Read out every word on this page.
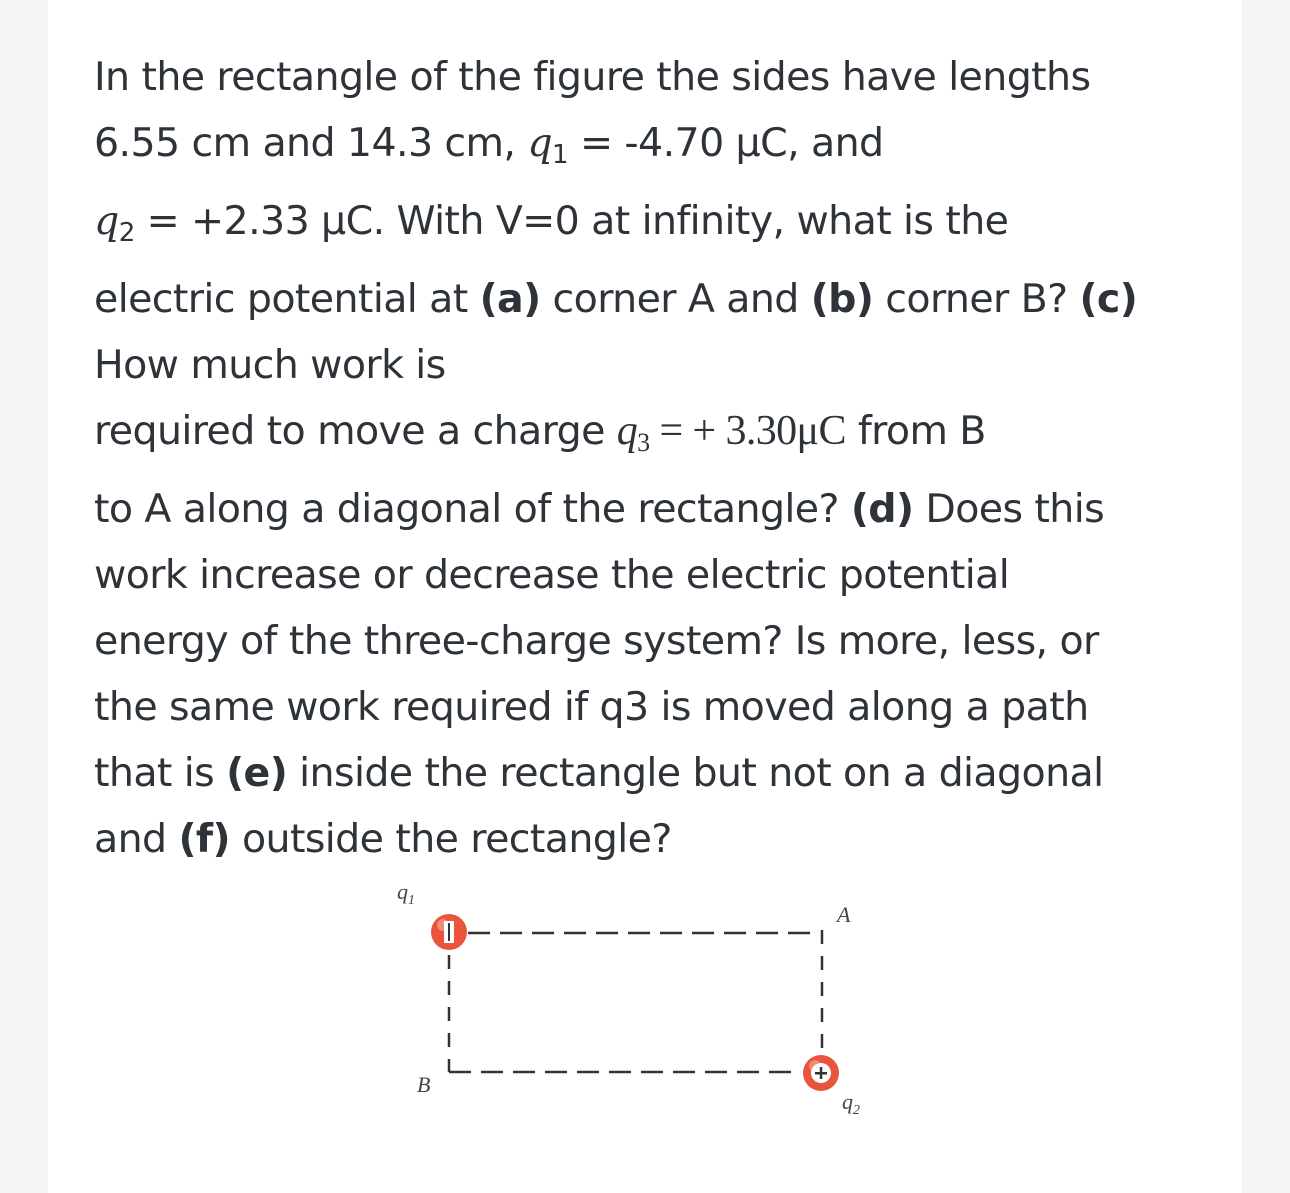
In the rectangle of the figure the sides have lengths
6.55 cm and 14.3 cm, $q_1 = -4.70$ μC, and
$q_2 = +2.33$ μC. With V=0 at infinity, what is the
electric potential at (a) corner A and (b) corner B? (c)
How much work is
required to move a charge $q_3$ = + 3.30μC from B
to A along a diagonal of the rectangle? (d) Does this
work increase or decrease the electric potential
energy of the three-charge system? Is more, less, or
the same work required if q3 is moved along a path
that is (e) inside the rectangle but not on a diagonal
and (f) outside the rectangle?
$q_1$
A
B
$q_2$
